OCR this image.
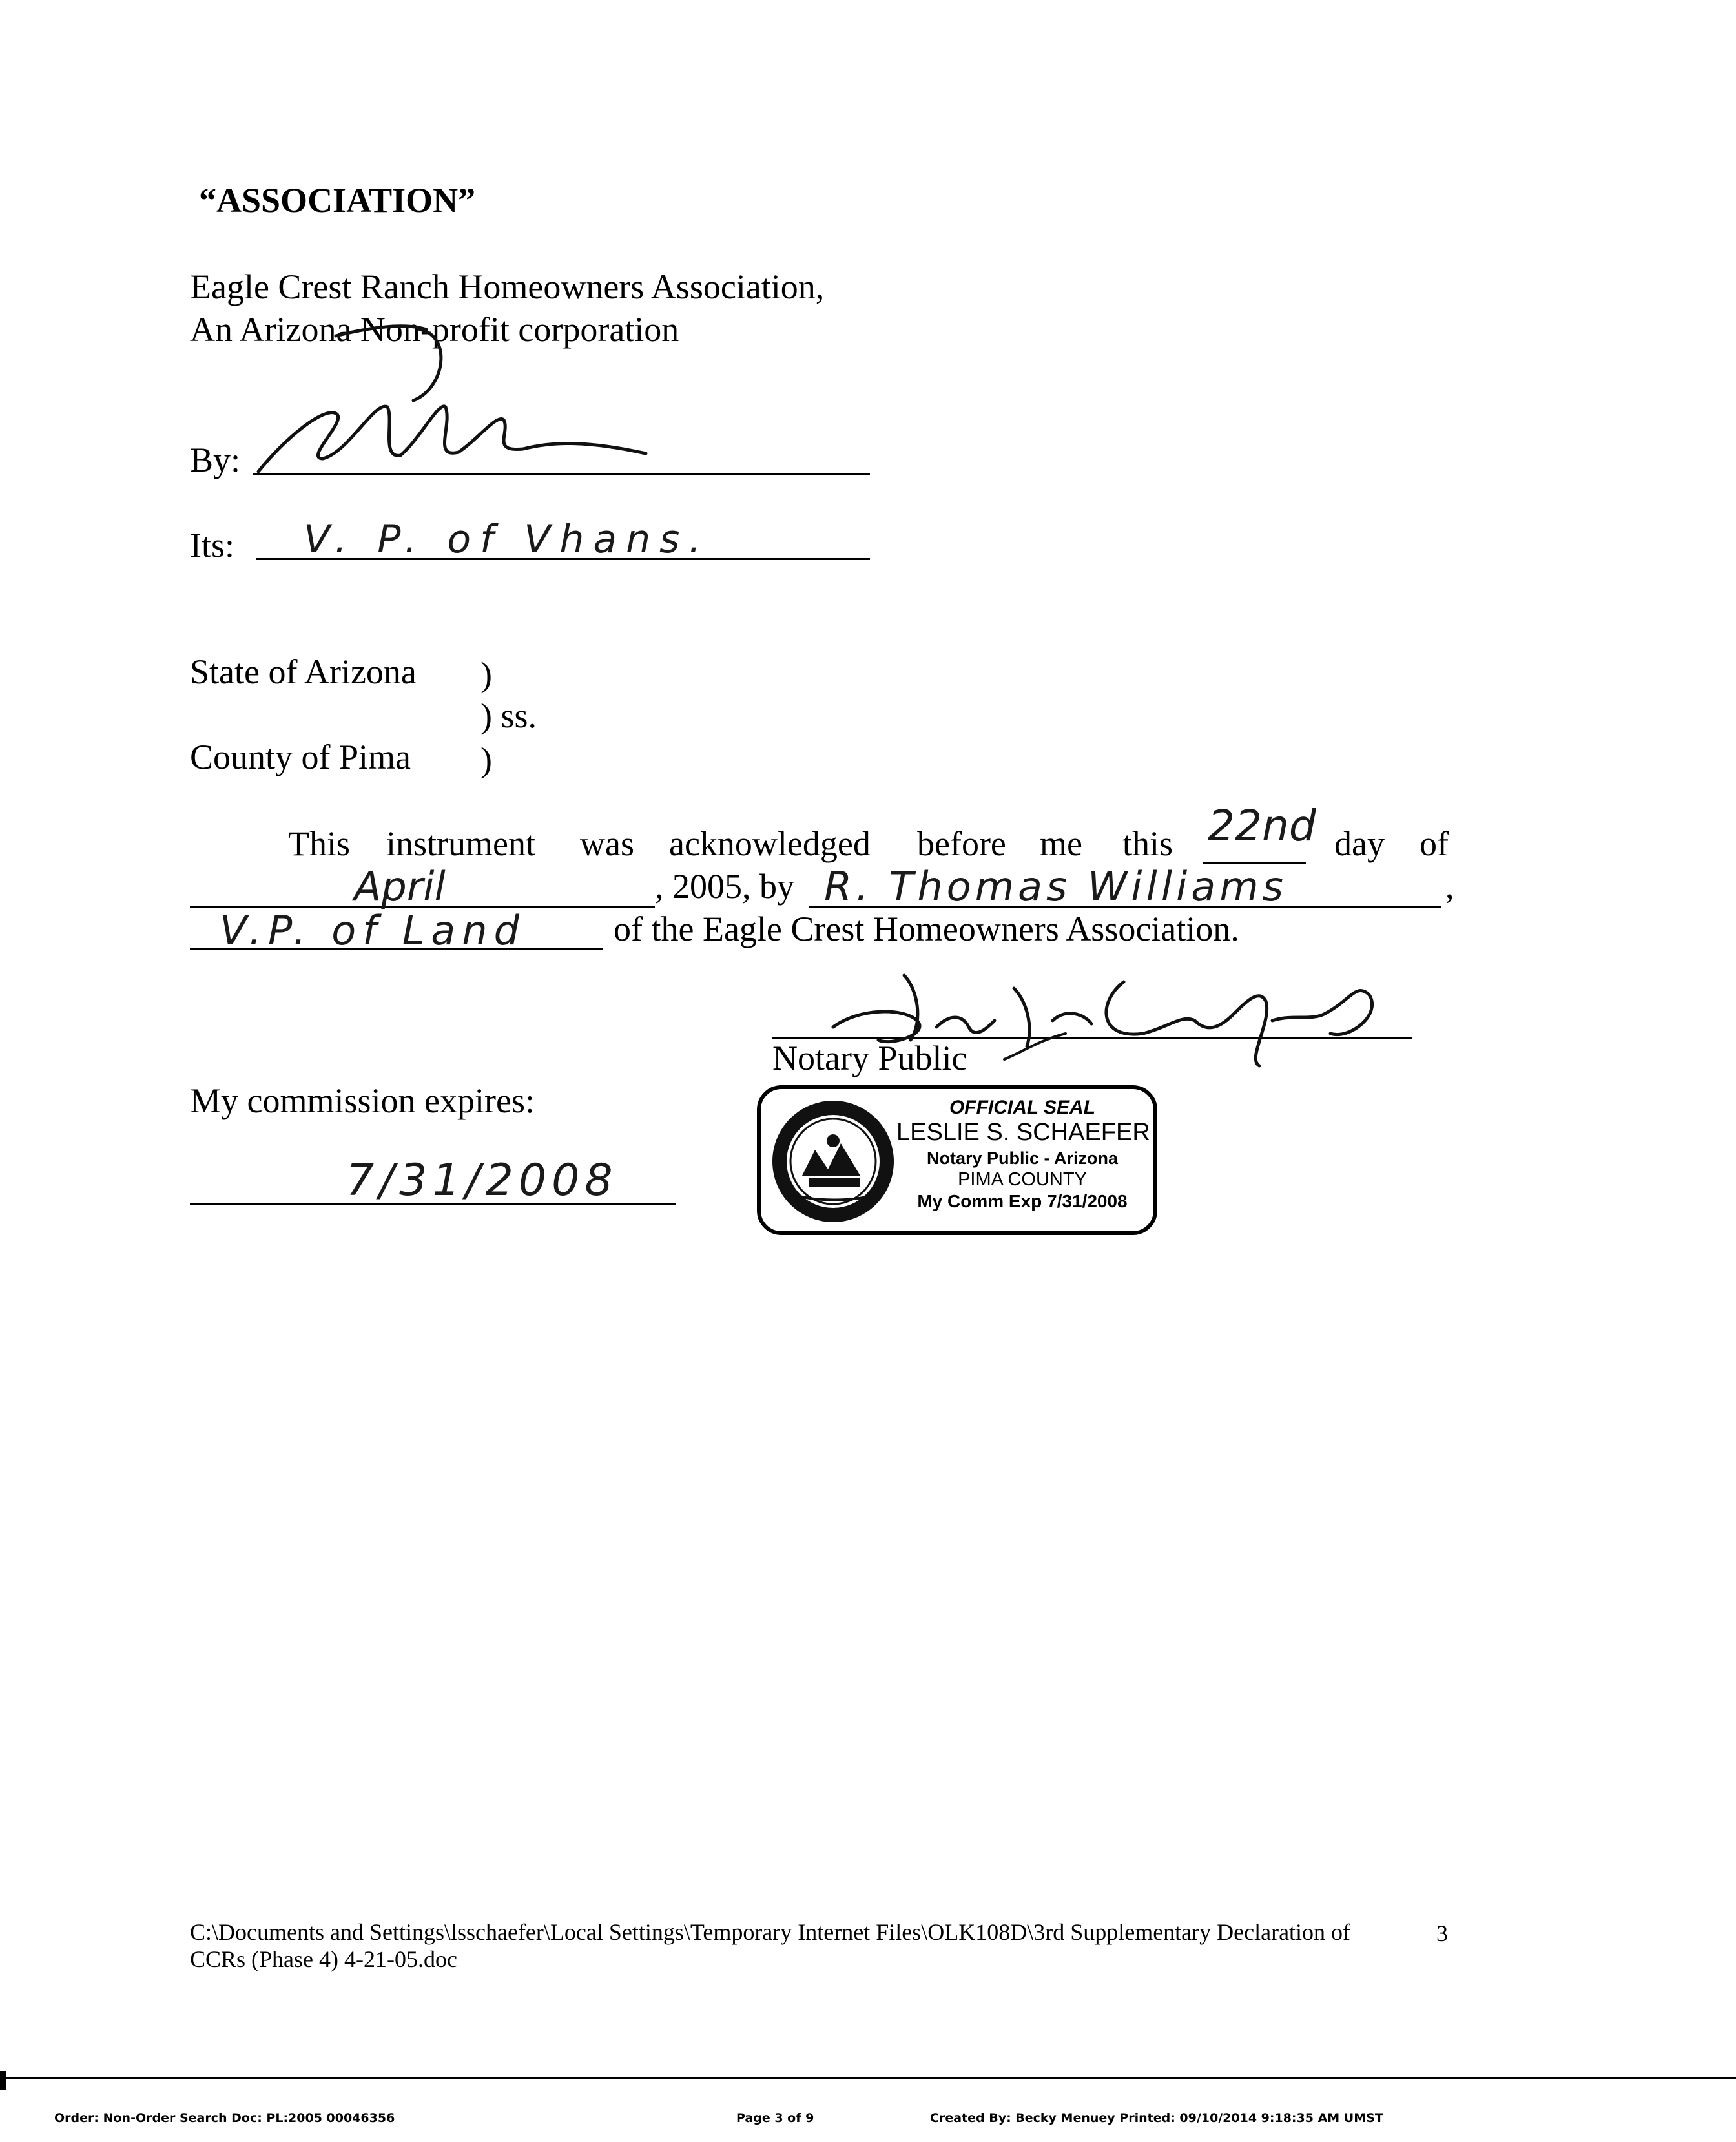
“ASSOCIATION”
Eagle Crest Ranch Homeowners Association,
An Arizona Non-profit corporation
By:
Its: V. P. of Vhans.
State of Arizona )
) ss.
County of Pima )
This instrument was acknowledged before me this 22nd day of
April	, 2005, by R. Thomas Williams	,
V.P. of Land	of the Eagle Crest Homeowners Association.
Notary Public
My commission expires:
7/31/2008
OFFICIAL SEAL
LESLIE S. SCHAEFER
Notary Public - Arizona
PIMA COUNTY
My Comm Exp 7/31/2008
C:\Documents and Settings\lsschaefer\Local Settings\Temporary Internet Files\OLK108D\3rd Supplementary Declaration of
CCRs (Phase 4) 4-21-05.doc
3
Order: Non-Order Search Doc: PL:2005 00046356	Page 3 of 9	Created By: Becky Menuey Printed: 09/10/2014 9:18:35 AM UMST
